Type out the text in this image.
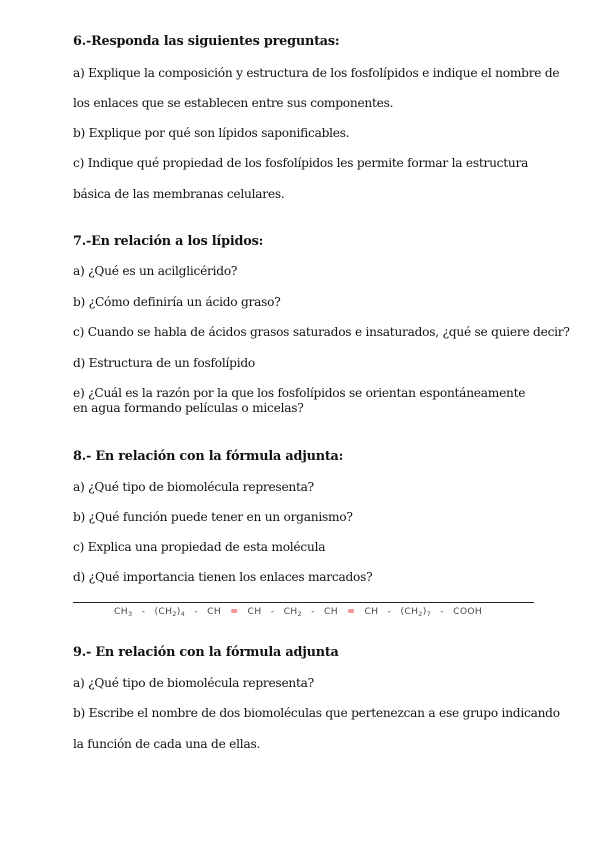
6.-Responda las siguientes preguntas:

a) Explique la composición y estructura de los fosfolípidos e indique el nombre de

los enlaces que se establecen entre sus componentes.

b) Explique por qué son lípidos saponificables.

c) Indique qué propiedad de los fosfolípidos les permite formar la estructura

básica de las membranas celulares.

7.-En relación a los lípidos:

a) ¿Qué es un acilglicérido?

b) ¿Cómo definiría un ácido graso?

c) Cuando se habla de ácidos grasos saturados e insaturados, ¿qué se quiere decir?

d) Estructura de un fosfolípido

e) ¿Cuál es la razón por la que los fosfolípidos se orientan espontáneamente en agua formando películas o micelas?

8.- En relación con la fórmula adjunta:

a) ¿Qué tipo de biomolécula representa?

b) ¿Qué función puede tener en un organismo?

c) Explica una propiedad de esta molécula

d) ¿Qué importancia tienen los enlaces marcados?

$CH_3 - (CH_2)_4$ - CH = CH - $CH_2$ - CH = CH - $(CH_2)_7$ - COOH

9.- En relación con la fórmula adjunta

a) ¿Qué tipo de biomolécula representa?

b) Escribe el nombre de dos biomoléculas que pertenezcan a ese grupo indicando

la función de cada una de ellas.
